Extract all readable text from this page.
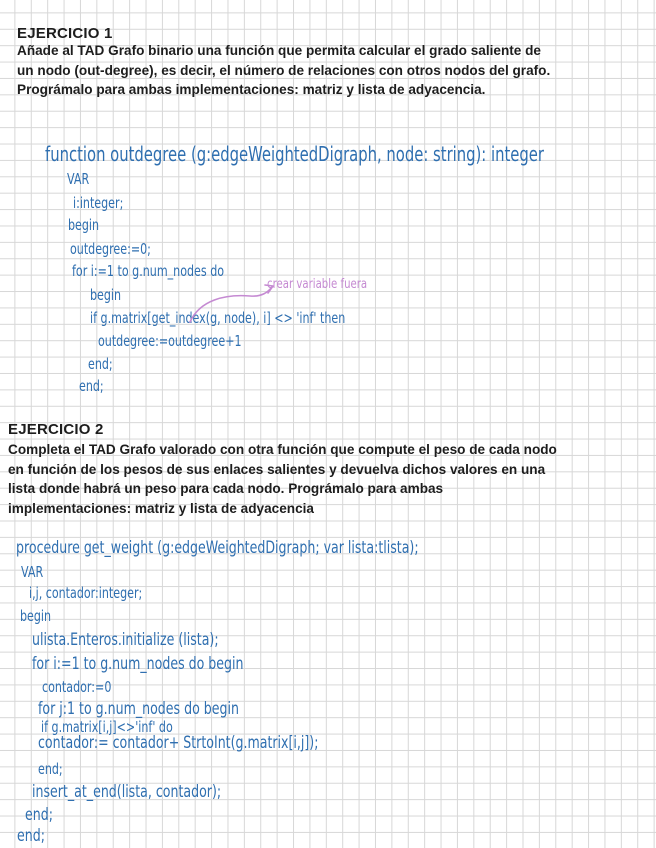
EJERCICIO 1
Añade al TAD Grafo binario una función que permita calcular el grado saliente de
un nodo (out-degree), es decir, el número de relaciones con otros nodos del grafo.
Prográmalo para ambas implementaciones: matriz y lista de adyacencia.
function outdegree (g:edgeWeightedDigraph, node: string): integer
VAR
i:integer;
begin
outdegree:=0;
for i:=1 to g.num_nodes do
begin
if g.matrix[get_index(g, node), i] <> 'inf' then
outdegree:=outdegree+1
end;
end;
crear variable fuera
EJERCICIO 2
Completa el TAD Grafo valorado con otra función que compute el peso de cada nodo
en función de los pesos de sus enlaces salientes y devuelva dichos valores en una
lista donde habrá un peso para cada nodo. Prográmalo para ambas
implementaciones: matriz y lista de adyacencia
procedure get_weight (g:edgeWeightedDigraph; var lista:tlista);
VAR
i,j, contador:integer;
begin
ulista.Enteros.initialize (lista);
for i:=1 to g.num_nodes do begin
contador:=0
for j:1 to g.num_nodes do begin
if g.matrix[i,j]<>'inf' do
contador:= contador+ StrtoInt(g.matrix[i,j]);
end;
insert_at_end(lista, contador);
end;
end;
